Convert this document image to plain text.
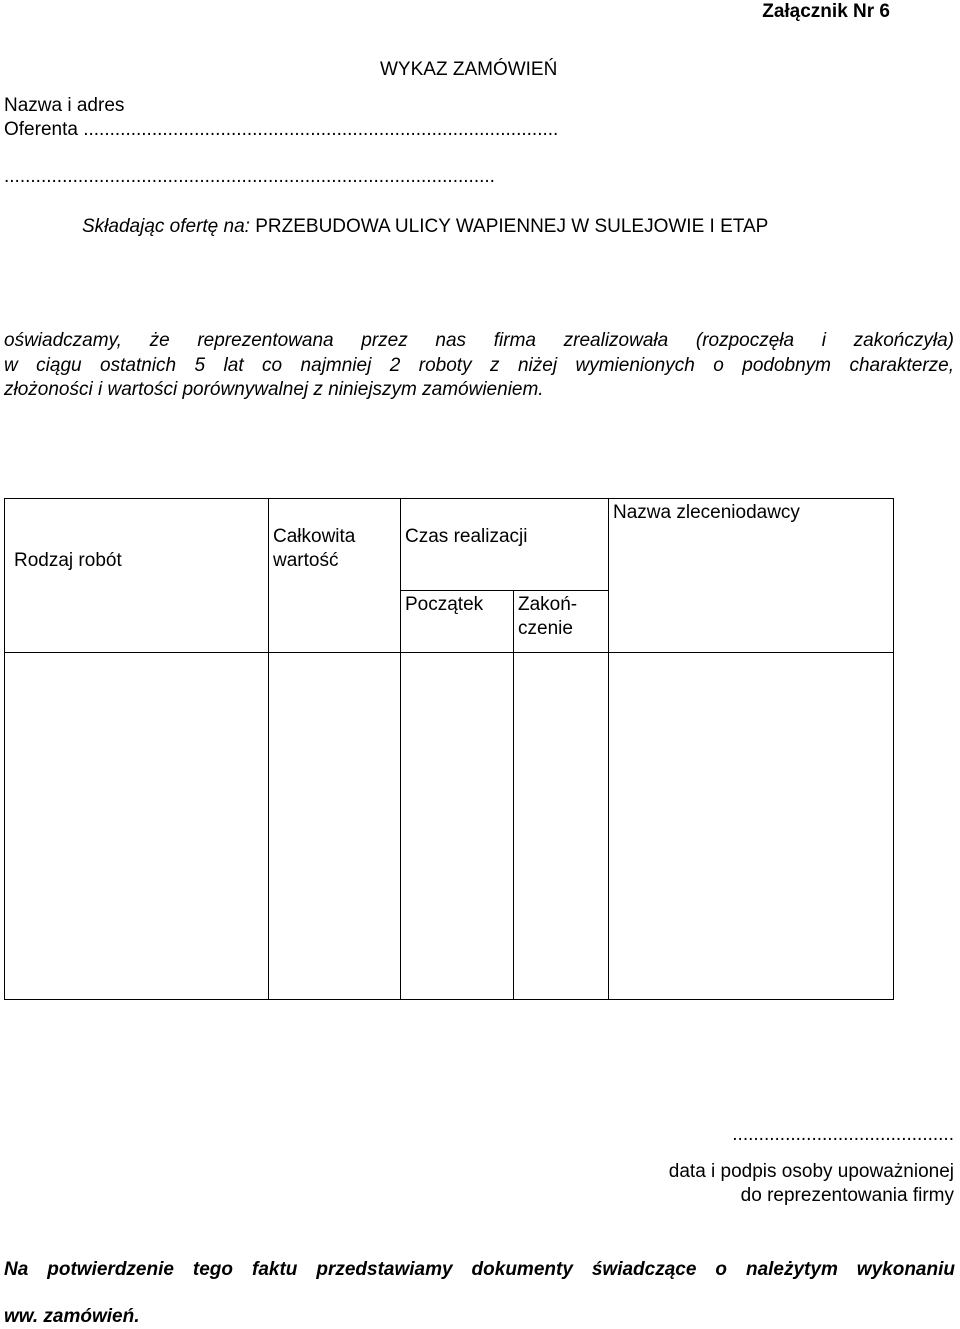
Załącznik Nr 6
WYKAZ ZAMÓWIEŃ
Nazwa i adres
Oferenta ..........................................................................................
.............................................................................................
Składając ofertę na: PRZEBUDOWA ULICY WAPIENNEJ W SULEJOWIE I ETAP
oświadczamy, że reprezentowana przez nas firma zrealizowała (rozpoczęła i zakończyła)
w ciągu ostatnich 5 lat co najmniej 2 roboty z niżej wymienionych o podobnym charakterze,
złożoności i wartości porównywalnej z niniejszym zamówieniem.
Rodzaj robót
Całkowita
wartość
Czas realizacji
Początek Zakoń-
czenie
Nazwa zleceniodawcy
..........................................
data i podpis osoby upoważnionej
do reprezentowania firmy
Na potwierdzenie tego faktu przedstawiamy dokumenty świadczące o należytym wykonaniu
ww. zamówień.
